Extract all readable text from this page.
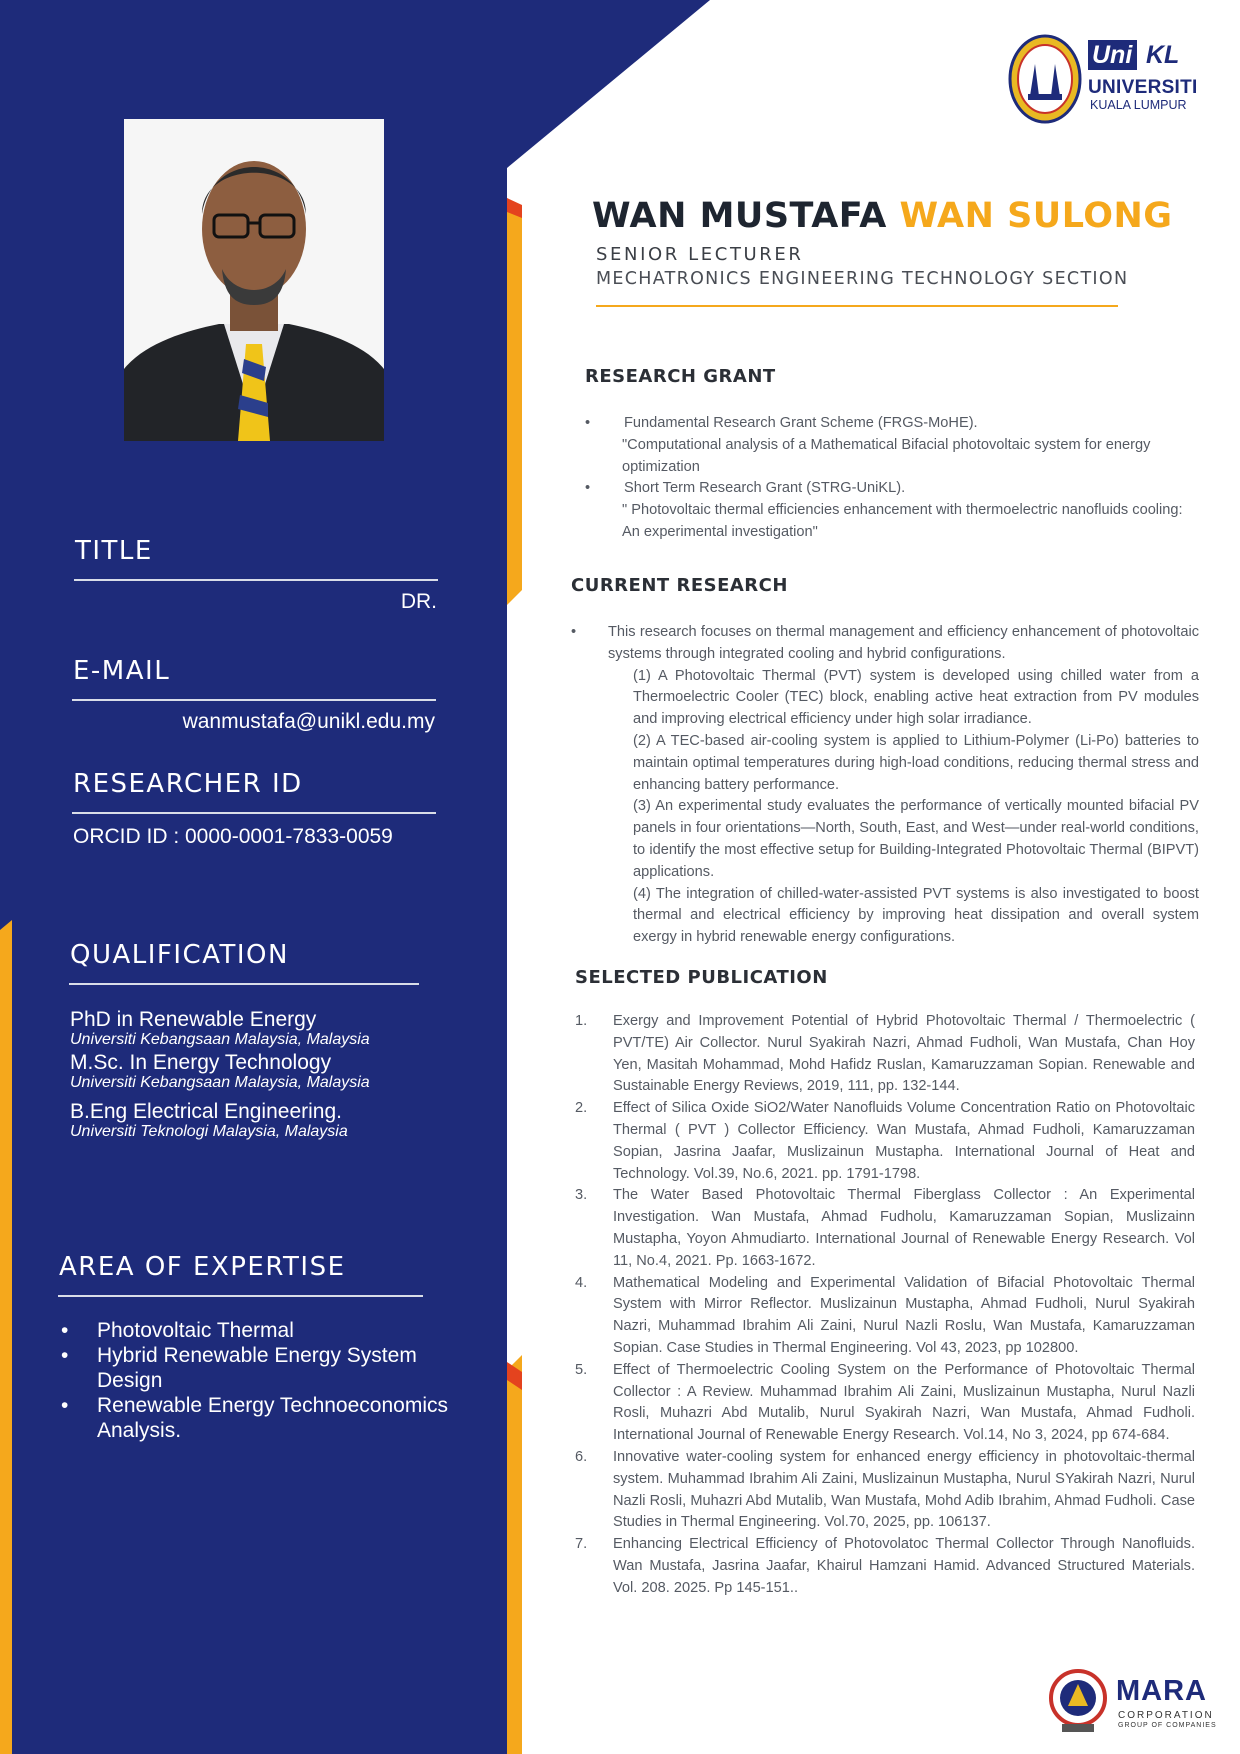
Uni KL
UNIVERSITI
KUALA LUMPUR
WAN MUSTAFA WAN SULONG
SENIOR LECTURER
MECHATRONICS ENGINEERING TECHNOLOGY SECTION
TITLE
DR.
E-MAIL
wanmustafa@unikl.edu.my
RESEARCHER ID
ORCID ID : 0000-0001-7833-0059
QUALIFICATION
PhD in Renewable Energy
Universiti Kebangsaan Malaysia, Malaysia
M.Sc. In Energy Technology
Universiti Kebangsaan Malaysia, Malaysia
B.Eng Electrical Engineering.
Universiti Teknologi Malaysia, Malaysia
AREA OF EXPERTISE
• Photovoltaic Thermal
• Hybrid Renewable Energy System Design
• Renewable Energy Technoeconomics Analysis.
RESEARCH GRANT
• Fundamental Research Grant Scheme (FRGS-MoHE).
"Computational analysis of a Mathematical Bifacial photovoltaic system for energy optimization
• Short Term Research Grant (STRG-UniKL).
" Photovoltaic thermal efficiencies enhancement with thermoelectric nanofluids cooling: An experimental investigation"
CURRENT RESEARCH
• This research focuses on thermal management and efficiency enhancement of photovoltaic systems through integrated cooling and hybrid configurations.
(1) A Photovoltaic Thermal (PVT) system is developed using chilled water from a Thermoelectric Cooler (TEC) block, enabling active heat extraction from PV modules and improving electrical efficiency under high solar irradiance.
(2) A TEC-based air-cooling system is applied to Lithium-Polymer (Li-Po) batteries to maintain optimal temperatures during high-load conditions, reducing thermal stress and enhancing battery performance.
(3) An experimental study evaluates the performance of vertically mounted bifacial PV panels in four orientations—North, South, East, and West—under real-world conditions, to identify the most effective setup for Building-Integrated Photovoltaic Thermal (BIPVT) applications.
(4) The integration of chilled-water-assisted PVT systems is also investigated to boost thermal and electrical efficiency by improving heat dissipation and overall system exergy in hybrid renewable energy configurations.
SELECTED PUBLICATION
1. Exergy and Improvement Potential of Hybrid Photovoltaic Thermal / Thermoelectric ( PVT/TE) Air Collector. Nurul Syakirah Nazri, Ahmad Fudholi, Wan Mustafa, Chan Hoy Yen, Masitah Mohammad, Mohd Hafidz Ruslan, Kamaruzzaman Sopian. Renewable and Sustainable Energy Reviews, 2019, 111, pp. 132-144.
2. Effect of Silica Oxide SiO2/Water Nanofluids Volume Concentration Ratio on Photovoltaic Thermal ( PVT ) Collector Efficiency. Wan Mustafa, Ahmad Fudholi, Kamaruzzaman Sopian, Jasrina Jaafar, Muslizainun Mustapha. International Journal of Heat and Technology. Vol.39, No.6, 2021. pp. 1791-1798.
3. The Water Based Photovoltaic Thermal Fiberglass Collector : An Experimental Investigation. Wan Mustafa, Ahmad Fudholu, Kamaruzzaman Sopian, Muslizainn Mustapha, Yoyon Ahmudiarto. International Journal of Renewable Energy Research. Vol 11, No.4, 2021. Pp. 1663-1672.
4. Mathematical Modeling and Experimental Validation of Bifacial Photovoltaic Thermal System with Mirror Reflector. Muslizainun Mustapha, Ahmad Fudholi, Nurul Syakirah Nazri, Muhammad Ibrahim Ali Zaini, Nurul Nazli Roslu, Wan Mustafa, Kamaruzzaman Sopian. Case Studies in Thermal Engineering. Vol 43, 2023, pp 102800.
5. Effect of Thermoelectric Cooling System on the Performance of Photovoltaic Thermal Collector : A Review. Muhammad Ibrahim Ali Zaini, Muslizainun Mustapha, Nurul Nazli Rosli, Muhazri Abd Mutalib, Nurul Syakirah Nazri, Wan Mustafa, Ahmad Fudholi. International Journal of Renewable Energy Research. Vol.14, No 3, 2024, pp 674-684.
6. Innovative water-cooling system for enhanced energy efficiency in photovoltaic-thermal system. Muhammad Ibrahim Ali Zaini, Muslizainun Mustapha, Nurul SYakirah Nazri, Nurul Nazli Rosli, Muhazri Abd Mutalib, Wan Mustafa, Mohd Adib Ibrahim, Ahmad Fudholi. Case Studies in Thermal Engineering. Vol.70, 2025, pp. 106137.
7. Enhancing Electrical Efficiency of Photovolatoc Thermal Collector Through Nanofluids. Wan Mustafa, Jasrina Jaafar, Khairul Hamzani Hamid. Advanced Structured Materials. Vol. 208. 2025. Pp 145-151..
MARA
CORPORATION
GROUP OF COMPANIES
